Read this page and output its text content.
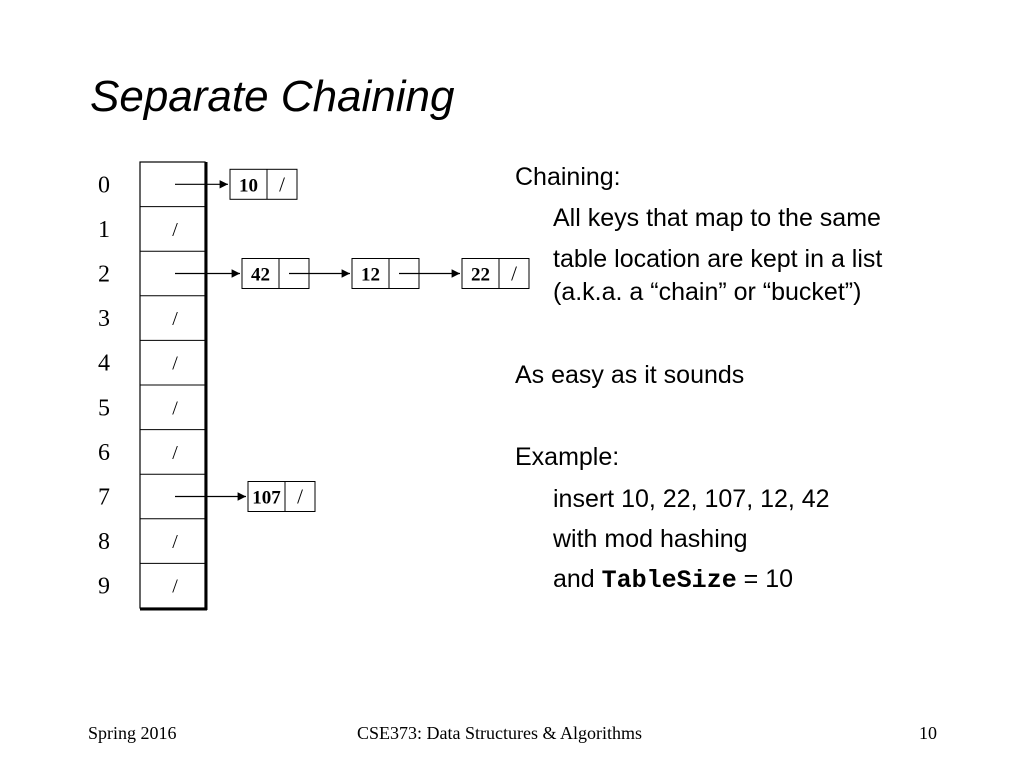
Separate Chaining
0	10 /
1	/
2	42	12	22 /
3	/
4	/
5	/
6	/
7	107 /
8	/
9	/
Chaining:
All keys that map to the same
table location are kept in a list
(a.k.a. a “chain” or “bucket”)
As easy as it sounds
Example:
insert 10, 22, 107, 12, 42
with mod hashing
and TableSize = 10
Spring 2016	CSE373: Data Structures & Algorithms	10
